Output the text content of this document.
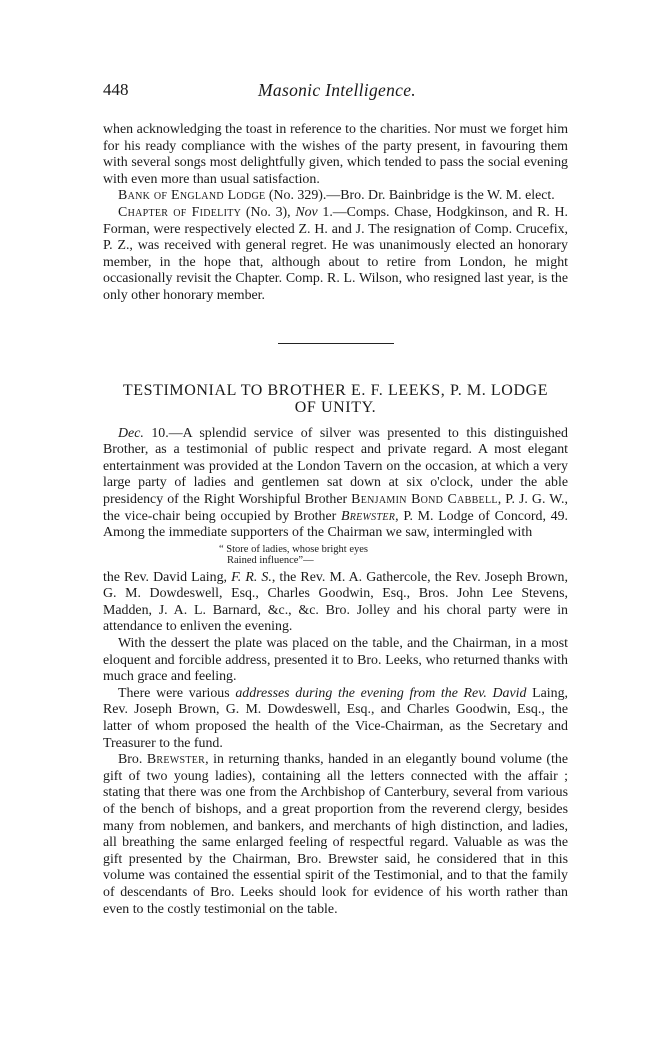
448	Masonic Intelligence.

when acknowledging the toast in reference to the charities. Nor must we forget him for his ready compliance with the wishes of the party present, in favouring them with several songs most delightfully given, which tended to pass the social evening with even more than usual satisfaction.

Bank of England Lodge (No. 329).—Bro. Dr. Bainbridge is the W. M. elect.

Chapter of Fidelity (No. 3), Nov 1.—Comps. Chase, Hodgkinson, and R. H. Forman, were respectively elected Z. H. and J. The resignation of Comp. Crucefix, P. Z., was received with general regret. He was unanimously elected an honorary member, in the hope that, although about to retire from London, he might occasionally revisit the Chapter. Comp. R. L. Wilson, who resigned last year, is the only other honorary member.

TESTIMONIAL TO BROTHER E. F. LEEKS, P. M. LODGE
OF UNITY.

Dec. 10.—A splendid service of silver was presented to this distinguished Brother, as a testimonial of public respect and private regard. A most elegant entertainment was provided at the London Tavern on the occasion, at which a very large party of ladies and gentlemen sat down at six o'clock, under the able presidency of the Right Worshipful Brother Benjamin Bond Cabbell, P. J. G. W., the vice-chair being occupied by Brother Brewster, P. M. Lodge of Concord, 49. Among the immediate supporters of the Chairman we saw, intermingled with

“ Store of ladies, whose bright eyes
Rained influence”—

the Rev. David Laing, F. R. S., the Rev. M. A. Gathercole, the Rev. Joseph Brown, G. M. Dowdeswell, Esq., Charles Goodwin, Esq., Bros. John Lee Stevens, Madden, J. A. L. Barnard, &c., &c. Bro. Jolley and his choral party were in attendance to enliven the evening.

With the dessert the plate was placed on the table, and the Chairman, in a most eloquent and forcible address, presented it to Bro. Leeks, who returned thanks with much grace and feeling.

There were various addresses during the evening from the Rev. David Laing, Rev. Joseph Brown, G. M. Dowdeswell, Esq., and Charles Goodwin, Esq., the latter of whom proposed the health of the Vice-Chairman, as the Secretary and Treasurer to the fund.

Bro. Brewster, in returning thanks, handed in an elegantly bound volume (the gift of two young ladies), containing all the letters connected with the affair ; stating that there was one from the Archbishop of Canterbury, several from various of the bench of bishops, and a great proportion from the reverend clergy, besides many from noblemen, and bankers, and merchants of high distinction, and ladies, all breathing the same enlarged feeling of respectful regard. Valuable as was the gift presented by the Chairman, Bro. Brewster said, he considered that in this volume was contained the essential spirit of the Testimonial, and to that the family of descendants of Bro. Leeks should look for evidence of his worth rather than even to the costly testimonial on the table.
